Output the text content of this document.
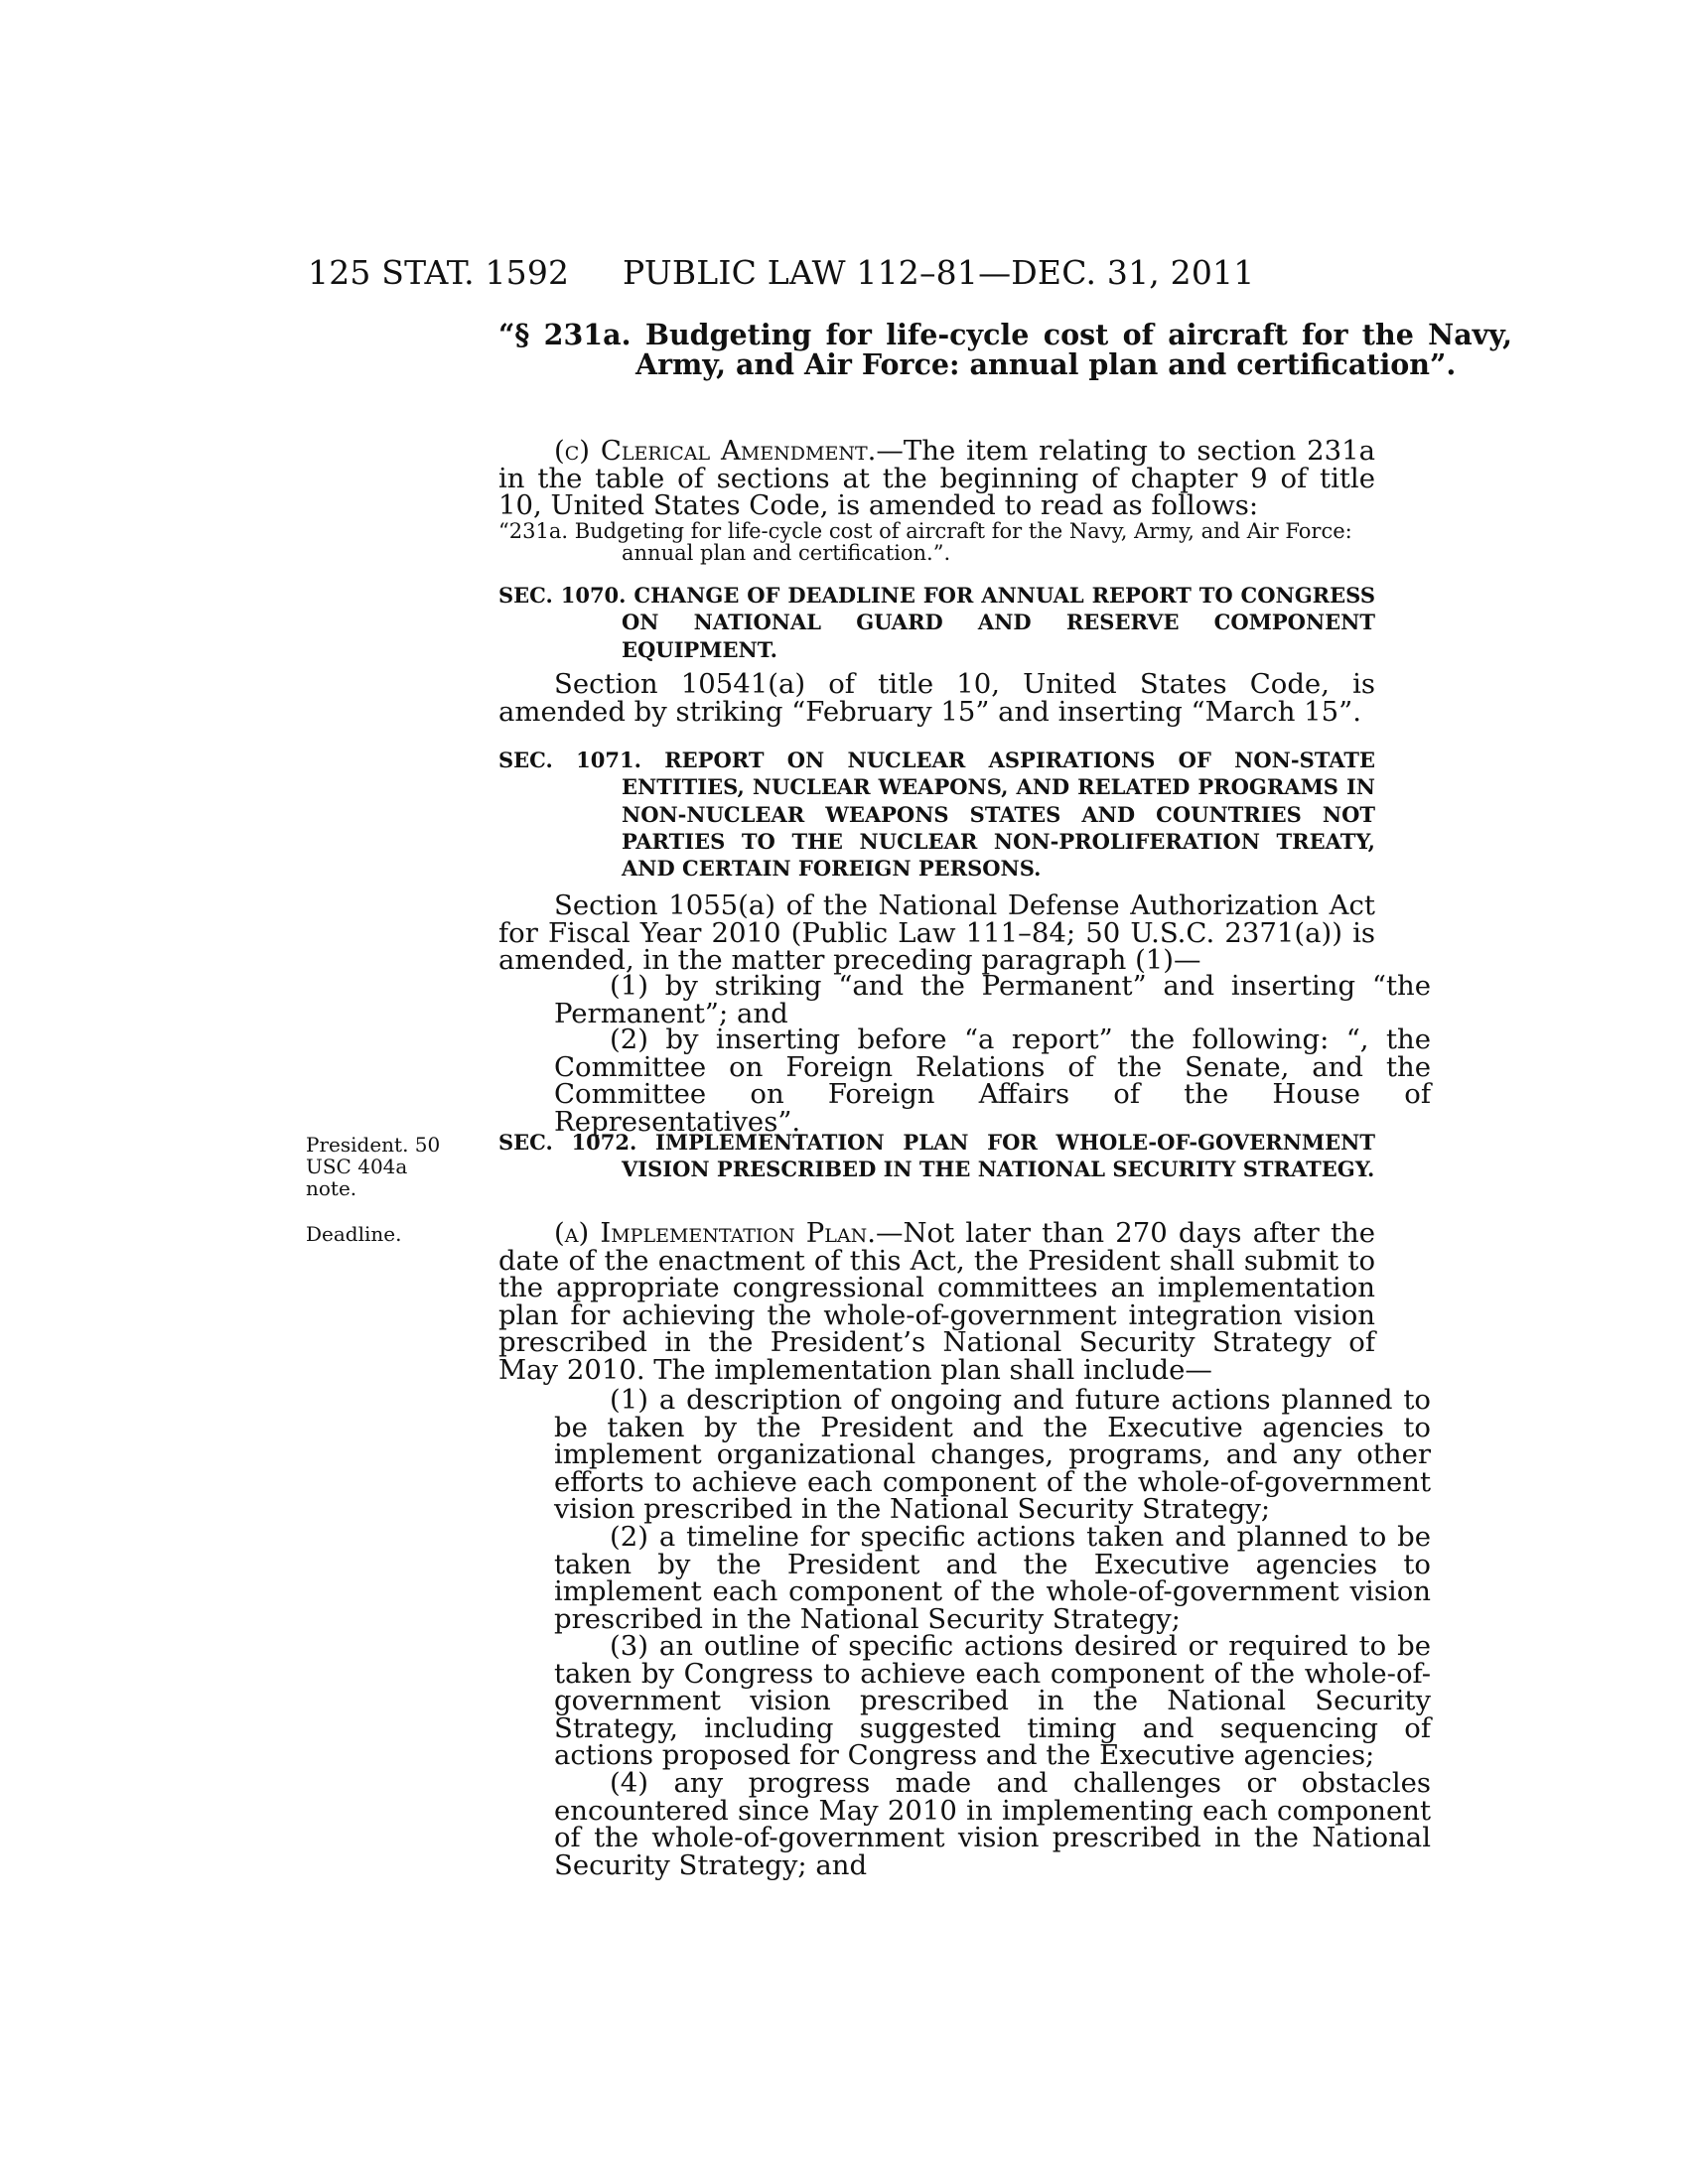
125 STAT. 1592 PUBLIC LAW 112–81—DEC. 31, 2011
“§ 231a. Budgeting for life-cycle cost of aircraft for the Navy, Army, and Air Force: annual plan and certification”.
(c) Clerical Amendment.—The item relating to section 231a in the table of sections at the beginning of chapter 9 of title 10, United States Code, is amended to read as follows:
“231a. Budgeting for life-cycle cost of aircraft for the Navy, Army, and Air Force: annual plan and certification.”.
SEC. 1070. CHANGE OF DEADLINE FOR ANNUAL REPORT TO CONGRESS ON NATIONAL GUARD AND RESERVE COMPONENT EQUIPMENT.
Section 10541(a) of title 10, United States Code, is amended by striking “February 15” and inserting “March 15”.
SEC. 1071. REPORT ON NUCLEAR ASPIRATIONS OF NON-STATE ENTITIES, NUCLEAR WEAPONS, AND RELATED PROGRAMS IN NON-NUCLEAR WEAPONS STATES AND COUNTRIES NOT PARTIES TO THE NUCLEAR NON-PROLIFERATION TREATY, AND CERTAIN FOREIGN PERSONS.
Section 1055(a) of the National Defense Authorization Act for Fiscal Year 2010 (Public Law 111–84; 50 U.S.C. 2371(a)) is amended, in the matter preceding paragraph (1)—
(1) by striking “and the Permanent” and inserting “the Permanent”; and
(2) by inserting before “a report” the following: “, the Committee on Foreign Relations of the Senate, and the Committee on Foreign Affairs of the House of Representatives”.
President. 50 USC 404a note.
SEC. 1072. IMPLEMENTATION PLAN FOR WHOLE-OF-GOVERNMENT VISION PRESCRIBED IN THE NATIONAL SECURITY STRATEGY.
Deadline.	(a) Implementation Plan.—Not later than 270 days after the date of the enactment of this Act, the President shall submit to the appropriate congressional committees an implementation plan for achieving the whole-of-government integration vision prescribed in the President’s National Security Strategy of May 2010. The implementation plan shall include—
(1) a description of ongoing and future actions planned to be taken by the President and the Executive agencies to implement organizational changes, programs, and any other efforts to achieve each component of the whole-of-government vision prescribed in the National Security Strategy;
(2) a timeline for specific actions taken and planned to be taken by the President and the Executive agencies to implement each component of the whole-of-government vision prescribed in the National Security Strategy;
(3) an outline of specific actions desired or required to be taken by Congress to achieve each component of the whole-of-government vision prescribed in the National Security Strategy, including suggested timing and sequencing of actions proposed for Congress and the Executive agencies;
(4) any progress made and challenges or obstacles encountered since May 2010 in implementing each component of the whole-of-government vision prescribed in the National Security Strategy; and
